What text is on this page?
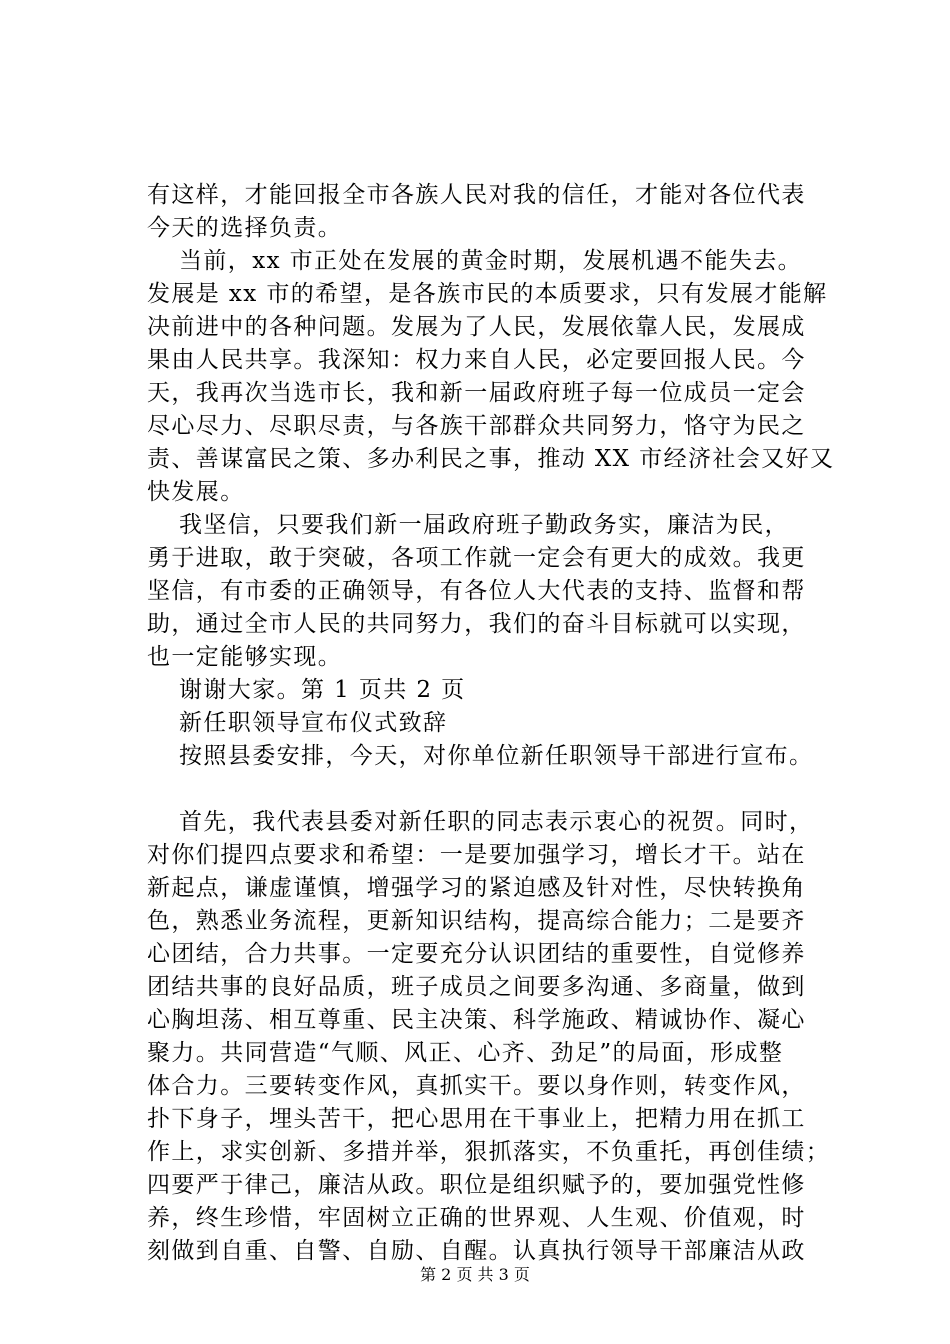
有这样，才能回报全市各族人民对我的信任，才能对各位代表
今天的选择负责。
当前，xx 市正处在发展的黄金时期，发展机遇不能失去。
发展是 xx 市的希望，是各族市民的本质要求，只有发展才能解
决前进中的各种问题。发展为了人民，发展依靠人民，发展成
果由人民共享。我深知：权力来自人民，必定要回报人民。今
天，我再次当选市长，我和新一届政府班子每一位成员一定会
尽心尽力、尽职尽责，与各族干部群众共同努力，恪守为民之
责、善谋富民之策、多办利民之事，推动 XX 市经济社会又好又
快发展。
我坚信，只要我们新一届政府班子勤政务实，廉洁为民，
勇于进取，敢于突破，各项工作就一定会有更大的成效。我更
坚信，有市委的正确领导，有各位人大代表的支持、监督和帮
助，通过全市人民的共同努力，我们的奋斗目标就可以实现，
也一定能够实现。
谢谢大家。第 1 页共 2 页
新任职领导宣布仪式致辞
按照县委安排，今天，对你单位新任职领导干部进行宣布。
首先，我代表县委对新任职的同志表示衷心的祝贺。同时，
对你们提四点要求和希望：一是要加强学习，增长才干。站在
新起点，谦虚谨慎，增强学习的紧迫感及针对性，尽快转换角
色，熟悉业务流程，更新知识结构，提高综合能力；二是要齐
心团结，合力共事。一定要充分认识团结的重要性，自觉修养
团结共事的良好品质，班子成员之间要多沟通、多商量，做到
心胸坦荡、相互尊重、民主决策、科学施政、精诚协作、凝心
聚力。共同营造“气顺、风正、心齐、劲足”的局面，形成整
体合力。三要转变作风，真抓实干。要以身作则，转变作风，
扑下身子，埋头苦干，把心思用在干事业上，把精力用在抓工
作上，求实创新、多措并举，狠抓落实，不负重托，再创佳绩；
四要严于律己，廉洁从政。职位是组织赋予的，要加强党性修
养，终生珍惜，牢固树立正确的世界观、人生观、价值观，时
刻做到自重、自警、自励、自醒。认真执行领导干部廉洁从政
第 2 页 共 3 页
